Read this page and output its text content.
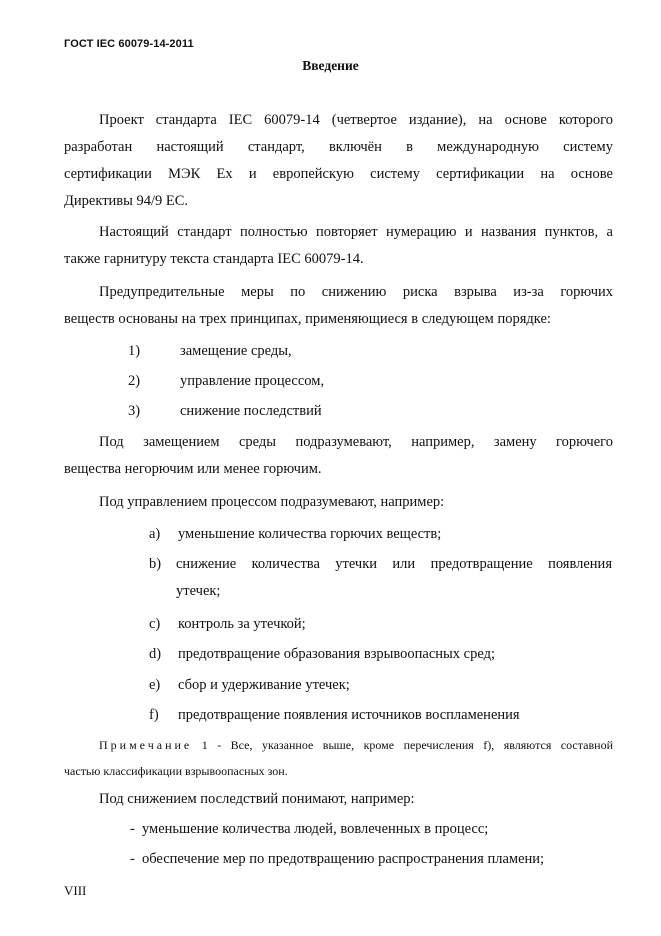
ГОСТ IEC 60079-14-2011
Введение
Проект стандарта IEC 60079-14 (четвертое издание), на основе которого
разработан настоящий стандарт, включён в международную систему
сертификации МЭК Ex и европейскую систему сертификации на основе
Директивы 94/9 ЕС.
Настоящий стандарт полностью повторяет нумерацию и названия пунктов, а
также гарнитуру текста стандарта IEC 60079-14.
Предупредительные меры по снижению риска взрыва из-за горючих
веществ основаны на трех принципах, применяющиеся в следующем порядке:
1)	замещение среды,
2)	управление процессом,
3)	снижение последствий
Под замещением среды подразумевают, например, замену горючего
вещества негорючим или менее горючим.
Под управлением процессом подразумевают, например:
а) уменьшение количества горючих веществ;
b) снижение количества утечки или предотвращение появления
утечек;
c) контроль за утечкой;
d) предотвращение образования взрывоопасных сред;
e) сбор и удерживание утечек;
f) предотвращение появления источников воспламенения
Примечание 1 - Все, указанное выше, кроме перечисления f), являются составной
частью классификации взрывоопасных зон.
Под снижением последствий понимают, например:
- уменьшение количества людей, вовлеченных в процесс;
- обеспечение мер по предотвращению распространения пламени;
VIII
